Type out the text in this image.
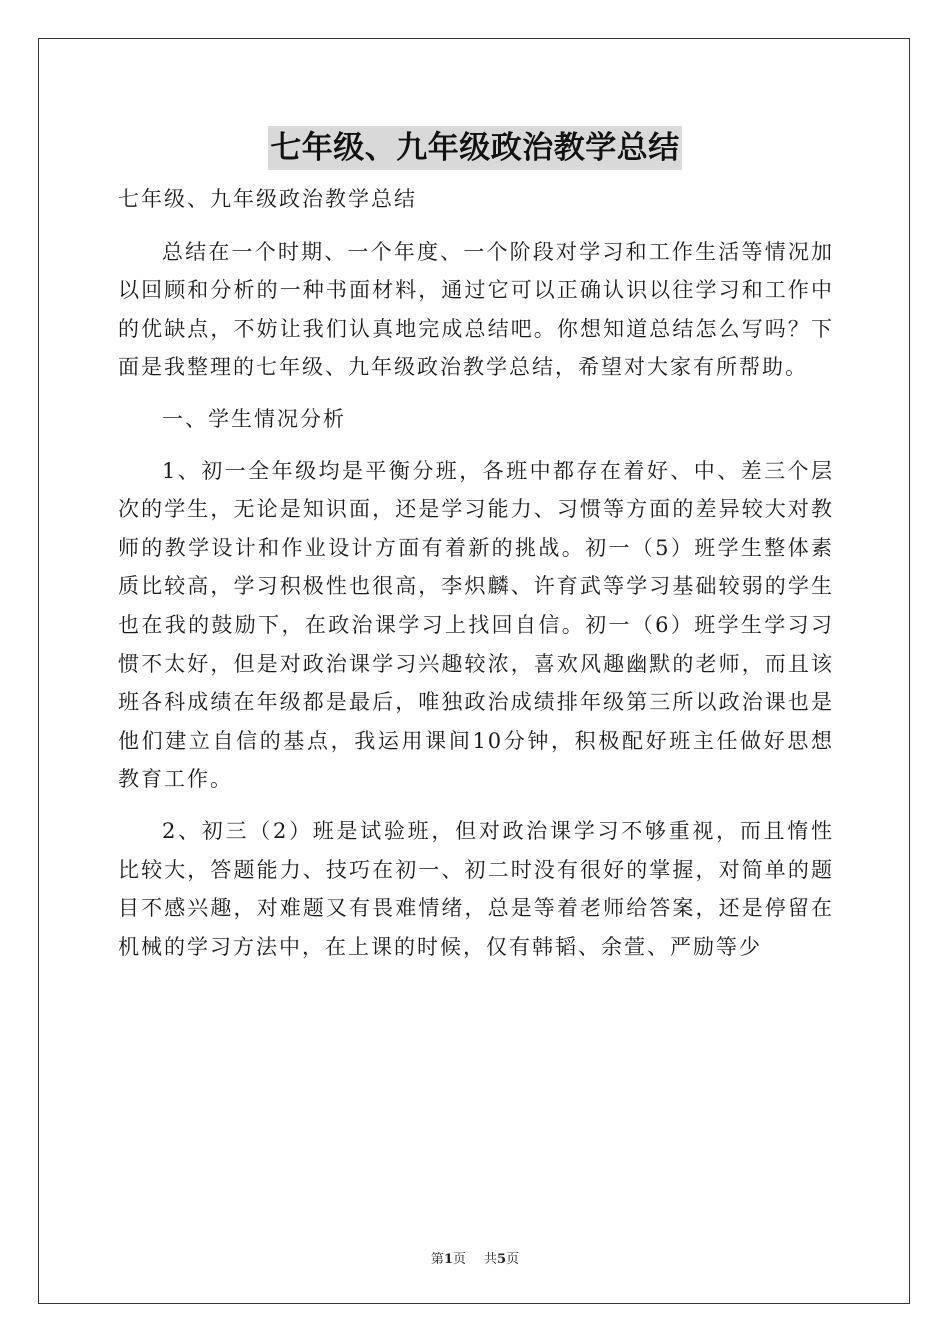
七年级、九年级政治教学总结

七年级、九年级政治教学总结

总结在一个时期、一个年度、一个阶段对学习和工作生活等情况加以回顾和分析的一种书面材料，通过它可以正确认识以往学习和工作中的优缺点，不妨让我们认真地完成总结吧。你想知道总结怎么写吗？下面是我整理的七年级、九年级政治教学总结，希望对大家有所帮助。

一、学生情况分析

1、初一全年级均是平衡分班，各班中都存在着好、中、差三个层次的学生，无论是知识面，还是学习能力、习惯等方面的差异较大对教师的教学设计和作业设计方面有着新的挑战。初一（5）班学生整体素质比较高，学习积极性也很高，李炽麟、许育武等学习基础较弱的学生也在我的鼓励下，在政治课学习上找回自信。初一（6）班学生学习习惯不太好，但是对政治课学习兴趣较浓，喜欢风趣幽默的老师，而且该班各科成绩在年级都是最后，唯独政治成绩排年级第三所以政治课也是他们建立自信的基点，我运用课间10分钟，积极配好班主任做好思想教育工作。

2、初三（2）班是试验班，但对政治课学习不够重视，而且惰性比较大，答题能力、技巧在初一、初二时没有很好的掌握，对简单的题目不感兴趣，对难题又有畏难情绪，总是等着老师给答案，还是停留在机械的学习方法中，在上课的时候，仅有韩韬、余萱、严励等少

第1页 共5页
